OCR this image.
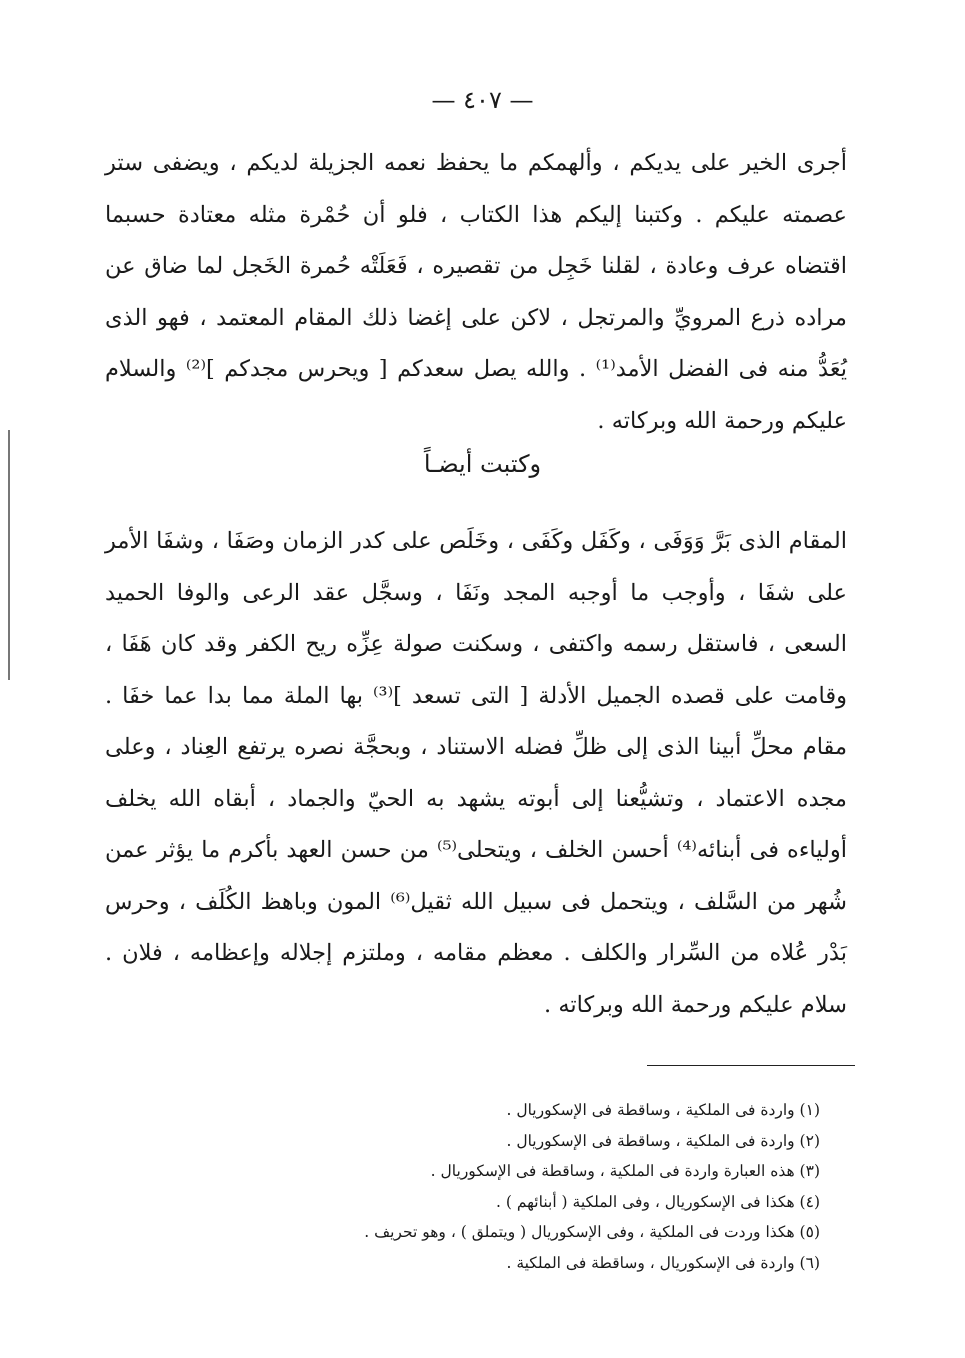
— ٤٠٧ —

أجرى الخير على يديكم ، وألهمكم ما يحفظ نعمه الجزيلة لديكم ، ويضفى ستر عصمته عليكم . وكتبنا إليكم هذا الكتاب ، فلو أن حُمْرة مثله معتادة حسبما اقتضاه عرف وعادة ، لقلنا خَجِل من تقصيره ، فَعَلَتْه حُمرة الخَجل لما ضاق عن مراده ذرع المرويِّ والمرتجل ، لاكن على إغضا ذلك المقام المعتمد ، فهو الذى يُعَدُّ منه فى الفضل الأمد⁽¹⁾ . والله يصل سعدكم [ ويحرس مجدكم ]⁽²⁾ والسلام عليكم ورحمة الله وبركاته .

وكتبت أيضـاً

المقام الذى بَرَّ وَوَفَى ، وكَفَل وكَفَى ، وخَلَص على كدر الزمان وصَفَا ، وشفَا الأمر على شفَا ، وأوجب ما أوجبه المجد ونَفَا ، وسجَّل عقد الرعى والوفا الحميد السعى ، فاستقل رسمه واكتفى ، وسكنت صولة عِزِّه ريح الكفر وقد كان هَفَا ، وقامت على قصده الجميل الأدلة [ التى تسعد ]⁽³⁾ بها الملة مما بدا عما خفَا . مقام محلِّ أبينا الذى إلى ظلِّ فضله الاستناد ، وبحجَّة نصره يرتفع العِناد ، وعلى مجده الاعتماد ، وتشيُّعنا إلى أبوته يشهد به الحيّ والجماد ، أبقاه الله يخلف أولياءه فى أبنائه⁽⁴⁾ أحسن الخلف ، ويتحلى⁽⁵⁾ من حسن العهد بأكرم ما يؤثر عمن شُهر من السَّلف ، ويتحمل فى سبيل الله ثقيل⁽⁶⁾ المون وباهظ الكُلَف ، وحرس بَدْر عُلاه من السِّرار والكلف . معظم مقامه ، وملتزم إجلاله وإعظامه ، فلان . سلام عليكم ورحمة الله وبركاته .

(١) واردة فى الملكية ، وساقطة فى الإسكوريال .
(٢) واردة فى الملكية ، وساقطة فى الإسكوريال .
(٣) هذه العبارة واردة فى الملكية ، وساقطة فى الإسكوريال .
(٤) هكذا فى الإسكوريال ، وفى الملكية ( أبنائهم ) .
(٥) هكذا وردت فى الملكية ، وفى الإسكوريال ( ويتملق ) ، وهو تحريف .
(٦) واردة فى الإسكوريال ، وساقطة فى الملكية .
